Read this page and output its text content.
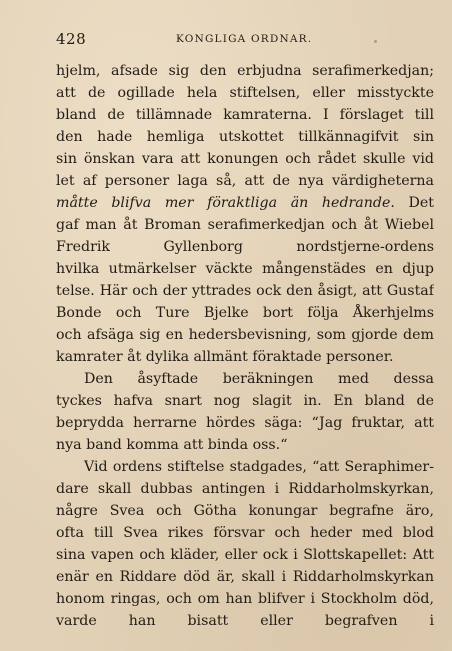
428	KONGLIGA ORDNAR.
hjelm, afsade sig den erbjudna serafimerkedjan;
att de ogillade hela stiftelsen, eller misstyckte
bland de tillämnade kamraterna. I förslaget till
den hade hemliga utskottet tillkännagifvit sin
sin önskan vara att konungen och rådet skulle vid
let af personer laga så, att de nya värdigheterna
måtte blifva mer föraktliga än hedrande. Det
gaf man åt Broman serafimerkedjan och åt Wiebel
Fredrik Gyllenborg nordstjerne-ordens
hvilka utmärkelser väckte mångenstädes en djup
telse. Här och der yttrades ock den åsigt, att Gustaf
Bonde och Ture Bjelke bort följa Åkerhjelms
och afsäga sig en hedersbevisning, som gjorde dem
kamrater åt dylika allmänt föraktade personer.
Den åsyftade beräkningen med dessa
tyckes hafva snart nog slagit in. En bland de
beprydda herrarne hördes säga: “Jag fruktar, att
nya band komma att binda oss.“
Vid ordens stiftelse stadgades, “att Seraphimer-
dare skall dubbas antingen i Riddarholmskyrkan,
någre Svea och Götha konungar begrafne äro,
ofta till Svea rikes försvar och heder med blod
sina vapen och kläder, eller ock i Slottskapellet: Att
enär en Riddare död är, skall i Riddarholmskyrkan
honom ringas, och om han blifver i Stockholm död,
varde han bisatt eller begrafven i
